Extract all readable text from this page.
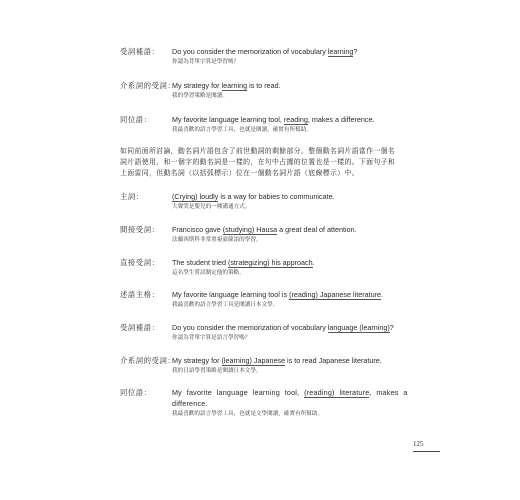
受詞補語： Do you consider the memorization of vocabulary learning?
你認為背單字算是學習嗎？
介系詞的受詞：
My strategy for learning is to read.
我的學習策略是閱讀。
同位語：	My favorite language learning tool, reading, makes a difference.
我最喜歡的語言學習工具，也就是閱讀，確實有所幫助。
如同前面所討論，動名詞片語包含了前世動詞的剩餘部分。整個動名詞片語當作一個名詞片語使用，和一個字的動名詞是一樣的，在句中占據的位置也是一樣的。下面句子和上面雷同，但動名詞（以括弧標示）位在一個動名詞片語（底線標示）中。
主詞：	(Crying) loudly is a way for babies to communicate.
大聲哭是嬰兒的一種溝通方式。
間接受詞： Francisco gave (studying) Hausa a great deal of attention.
法蘭西斯科非常重視豪薩語的學習。
直接受詞： The student tried (strategizing) his approach.
這名學生嘗試制定他的策略。
述語主格： My favorite language learning tool is (reading) Japanese literature.
我最喜歡的語言學習工具是閱讀日本文學。
受詞補語： Do you consider the memorization of vocabulary language (learning)?
你認為背單字算是語言學習嗎？
介系詞的受詞：
My strategy for (learning) Japanese is to read Japanese literature.
我的日語學習策略是閱讀日本文學。
同位語：	My favorite language learning tool, (reading) literature, makes a
difference.
我最喜歡的語言學習工具，也就是文學閱讀，確實有所幫助。
125
